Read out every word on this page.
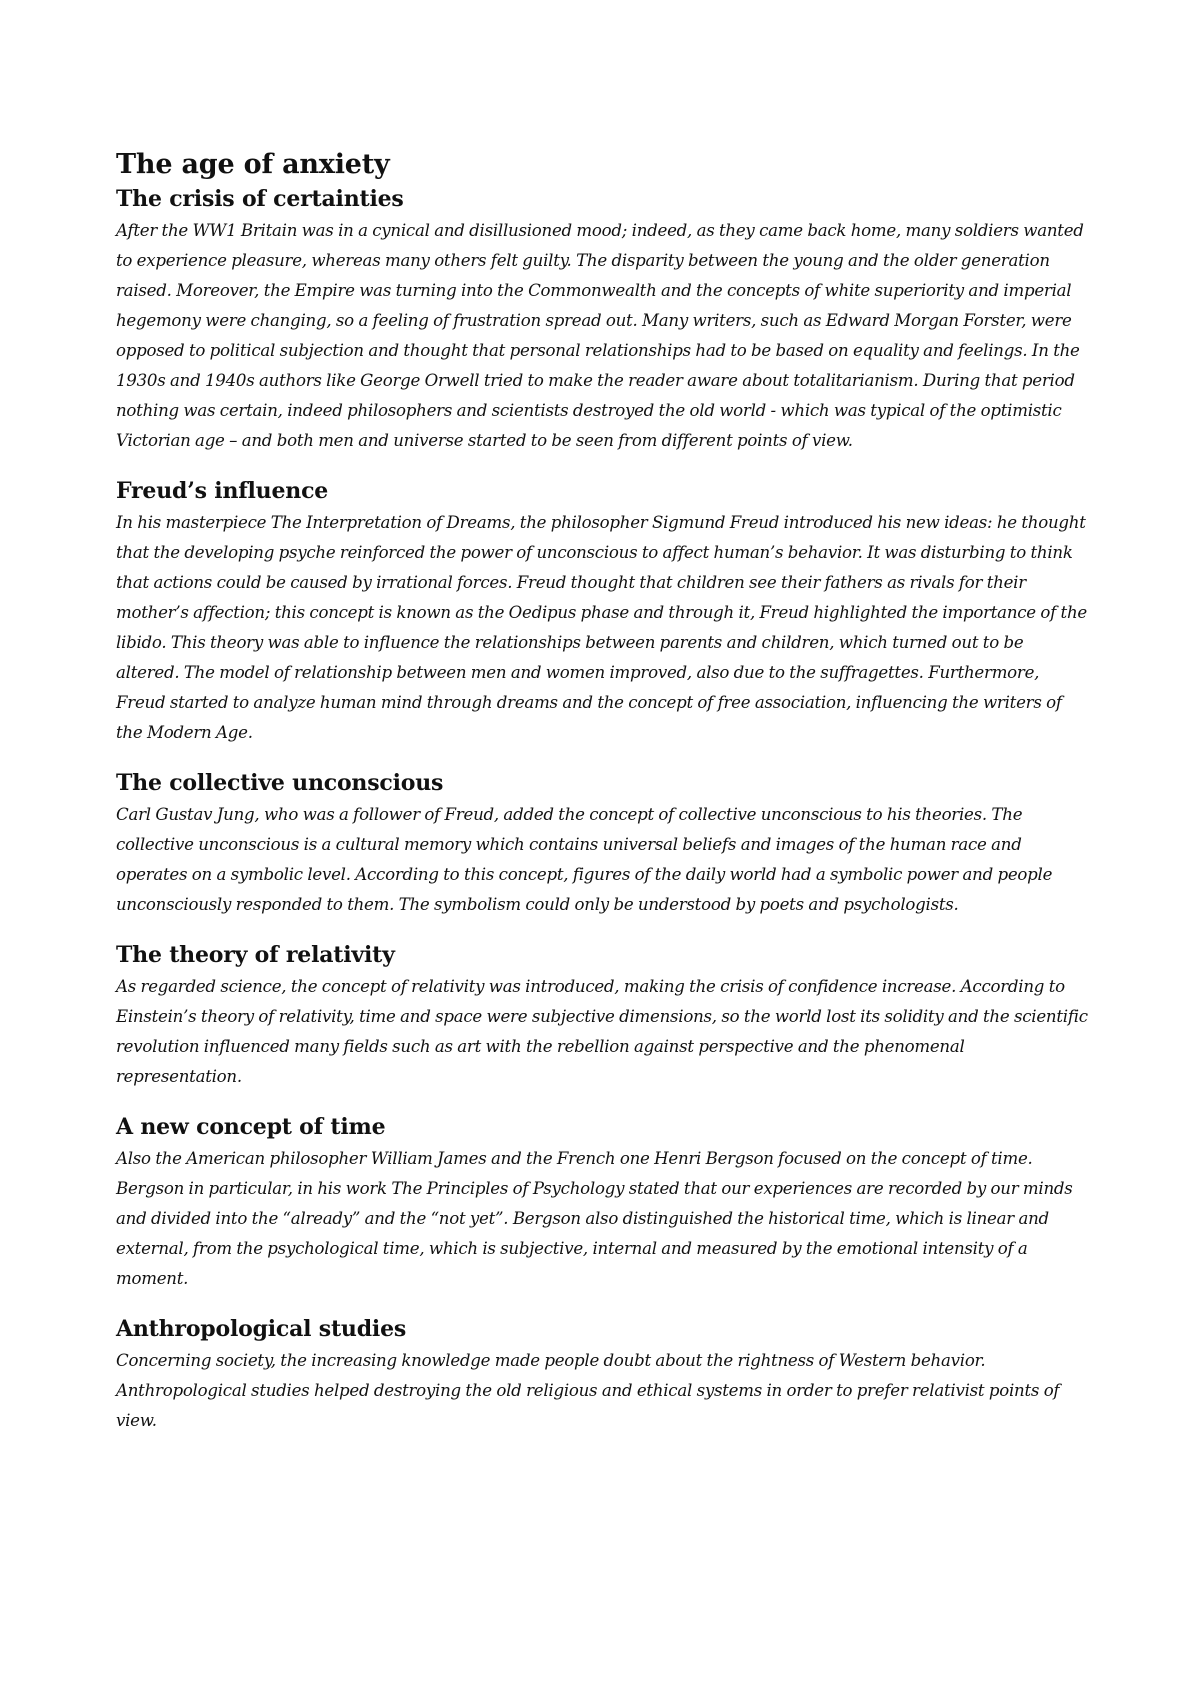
The age of anxiety
The crisis of certainties

After the WW1 Britain was in a cynical and disillusioned mood; indeed, as they came back home, many soldiers wanted to experience pleasure, whereas many others felt guilty. The disparity between the young and the older generation raised. Moreover, the Empire was turning into the Commonwealth and the concepts of white superiority and imperial hegemony were changing, so a feeling of frustration spread out. Many writers, such as Edward Morgan Forster, were opposed to political subjection and thought that personal relationships had to be based on equality and feelings. In the 1930s and 1940s authors like George Orwell tried to make the reader aware about totalitarianism. During that period nothing was certain, indeed philosophers and scientists destroyed the old world - which was typical of the optimistic Victorian age – and both men and universe started to be seen from different points of view.

Freud’s influence

In his masterpiece The Interpretation of Dreams, the philosopher Sigmund Freud introduced his new ideas: he thought that the developing psyche reinforced the power of unconscious to affect human’s behavior. It was disturbing to think that actions could be caused by irrational forces. Freud thought that children see their fathers as rivals for their mother’s affection; this concept is known as the Oedipus phase and through it, Freud highlighted the importance of the libido. This theory was able to influence the relationships between parents and children, which turned out to be altered. The model of relationship between men and women improved, also due to the suffragettes. Furthermore, Freud started to analyze human mind through dreams and the concept of free association, influencing the writers of the Modern Age.

The collective unconscious

Carl Gustav Jung, who was a follower of Freud, added the concept of collective unconscious to his theories. The collective unconscious is a cultural memory which contains universal beliefs and images of the human race and operates on a symbolic level. According to this concept, figures of the daily world had a symbolic power and people unconsciously responded to them. The symbolism could only be understood by poets and psychologists.

The theory of relativity

As regarded science, the concept of relativity was introduced, making the crisis of confidence increase. According to Einstein’s theory of relativity, time and space were subjective dimensions, so the world lost its solidity and the scientific revolution influenced many fields such as art with the rebellion against perspective and the phenomenal representation.

A new concept of time

Also the American philosopher William James and the French one Henri Bergson focused on the concept of time. Bergson in particular, in his work The Principles of Psychology stated that our experiences are recorded by our minds and divided into the “already” and the “not yet”. Bergson also distinguished the historical time, which is linear and external, from the psychological time, which is subjective, internal and measured by the emotional intensity of a moment.

Anthropological studies

Concerning society, the increasing knowledge made people doubt about the rightness of Western behavior. Anthropological studies helped destroying the old religious and ethical systems in order to prefer relativist points of view.
